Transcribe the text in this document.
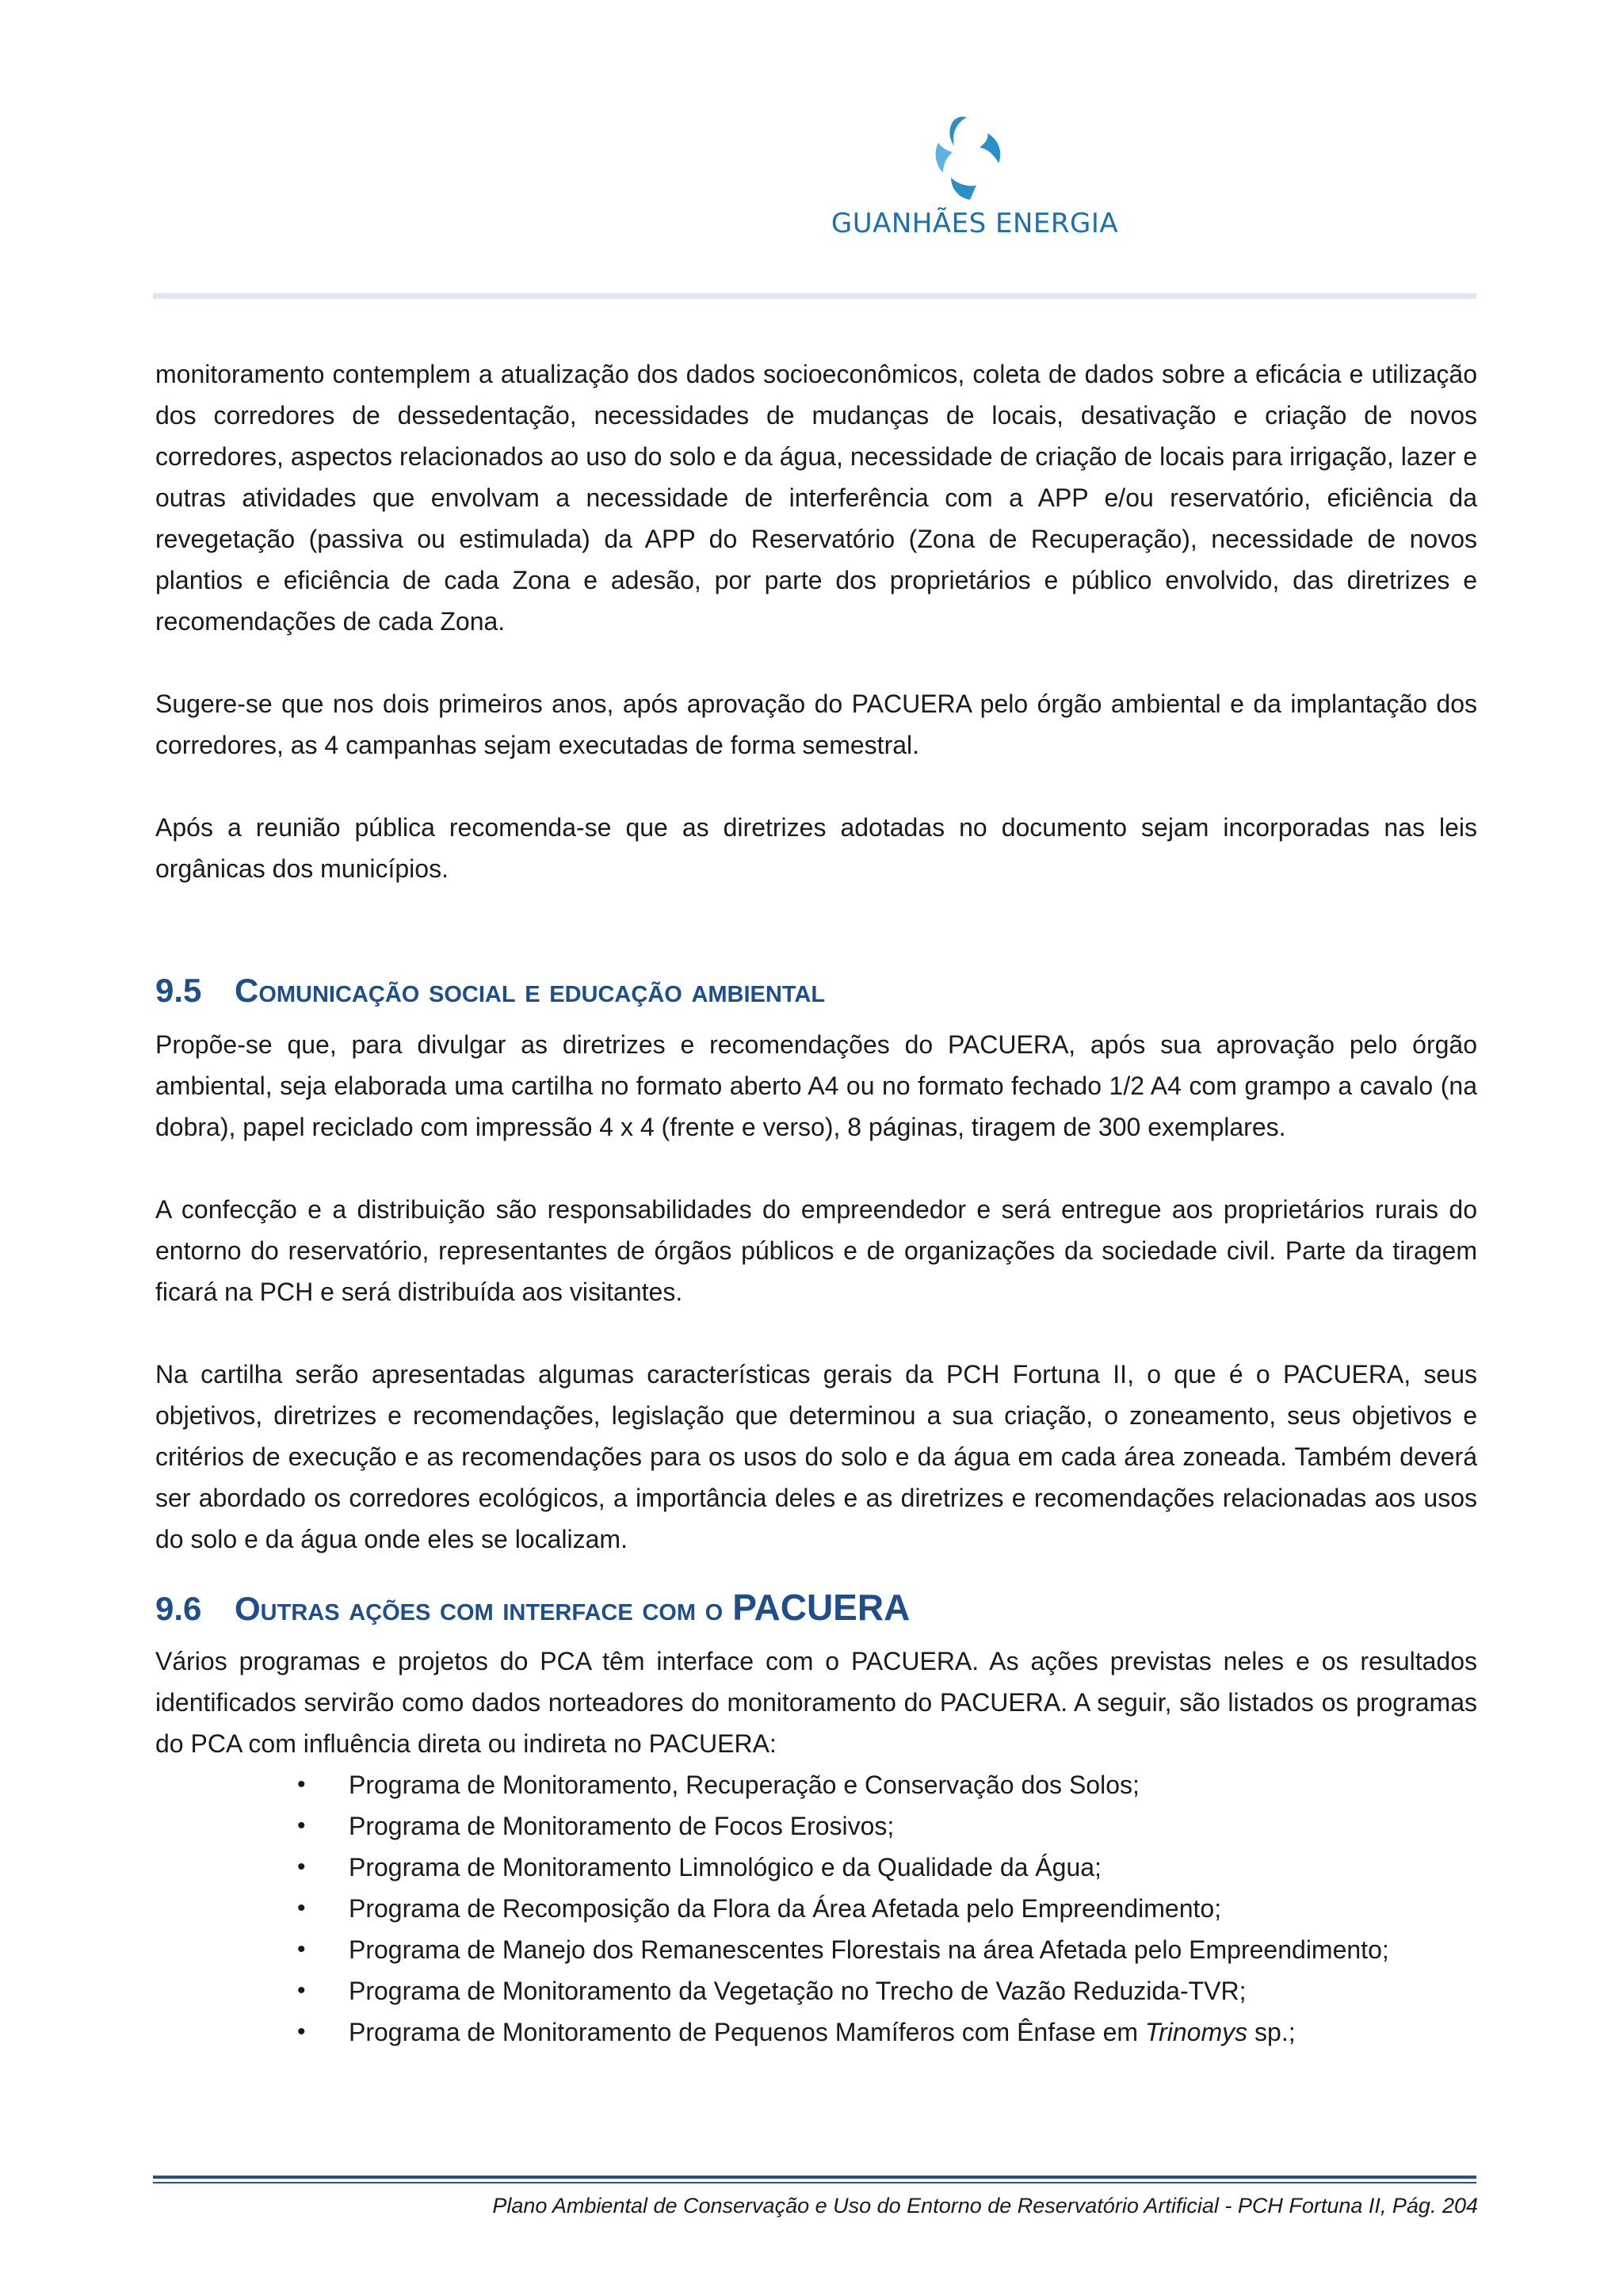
GUANHÃES ENERGIA

monitoramento contemplem a atualização dos dados socioeconômicos, coleta de dados sobre a eficácia e utilização dos corredores de dessedentação, necessidades de mudanças de locais, desativação e criação de novos corredores, aspectos relacionados ao uso do solo e da água, necessidade de criação de locais para irrigação, lazer e outras atividades que envolvam a necessidade de interferência com a APP e/ou reservatório, eficiência da revegetação (passiva ou estimulada) da APP do Reservatório (Zona de Recuperação), necessidade de novos plantios e eficiência de cada Zona e adesão, por parte dos proprietários e público envolvido, das diretrizes e recomendações de cada Zona.

Sugere-se que nos dois primeiros anos, após aprovação do PACUERA pelo órgão ambiental e da implantação dos corredores, as 4 campanhas sejam executadas de forma semestral.

Após a reunião pública recomenda-se que as diretrizes adotadas no documento sejam incorporadas nas leis orgânicas dos municípios.

9.5 Comunicação social e educação ambiental

Propõe-se que, para divulgar as diretrizes e recomendações do PACUERA, após sua aprovação pelo órgão ambiental, seja elaborada uma cartilha no formato aberto A4 ou no formato fechado 1/2 A4 com grampo a cavalo (na dobra), papel reciclado com impressão 4 x 4 (frente e verso), 8 páginas, tiragem de 300 exemplares.

A confecção e a distribuição são responsabilidades do empreendedor e será entregue aos proprietários rurais do entorno do reservatório, representantes de órgãos públicos e de organizações da sociedade civil. Parte da tiragem ficará na PCH e será distribuída aos visitantes.

Na cartilha serão apresentadas algumas características gerais da PCH Fortuna II, o que é o PACUERA, seus objetivos, diretrizes e recomendações, legislação que determinou a sua criação, o zoneamento, seus objetivos e critérios de execução e as recomendações para os usos do solo e da água em cada área zoneada. Também deverá ser abordado os corredores ecológicos, a importância deles e as diretrizes e recomendações relacionadas aos usos do solo e da água onde eles se localizam.

9.6 Outras ações com interface com o PACUERA

Vários programas e projetos do PCA têm interface com o PACUERA. As ações previstas neles e os resultados identificados servirão como dados norteadores do monitoramento do PACUERA. A seguir, são listados os programas do PCA com influência direta ou indireta no PACUERA:

• Programa de Monitoramento, Recuperação e Conservação dos Solos;
• Programa de Monitoramento de Focos Erosivos;
• Programa de Monitoramento Limnológico e da Qualidade da Água;
• Programa de Recomposição da Flora da Área Afetada pelo Empreendimento;
• Programa de Manejo dos Remanescentes Florestais na área Afetada pelo Empreendimento;
• Programa de Monitoramento da Vegetação no Trecho de Vazão Reduzida-TVR;
• Programa de Monitoramento de Pequenos Mamíferos com Ênfase em Trinomys sp.;
Plano Ambiental de Conservação e Uso do Entorno de Reservatório Artificial - PCH Fortuna II, Pág. 204
